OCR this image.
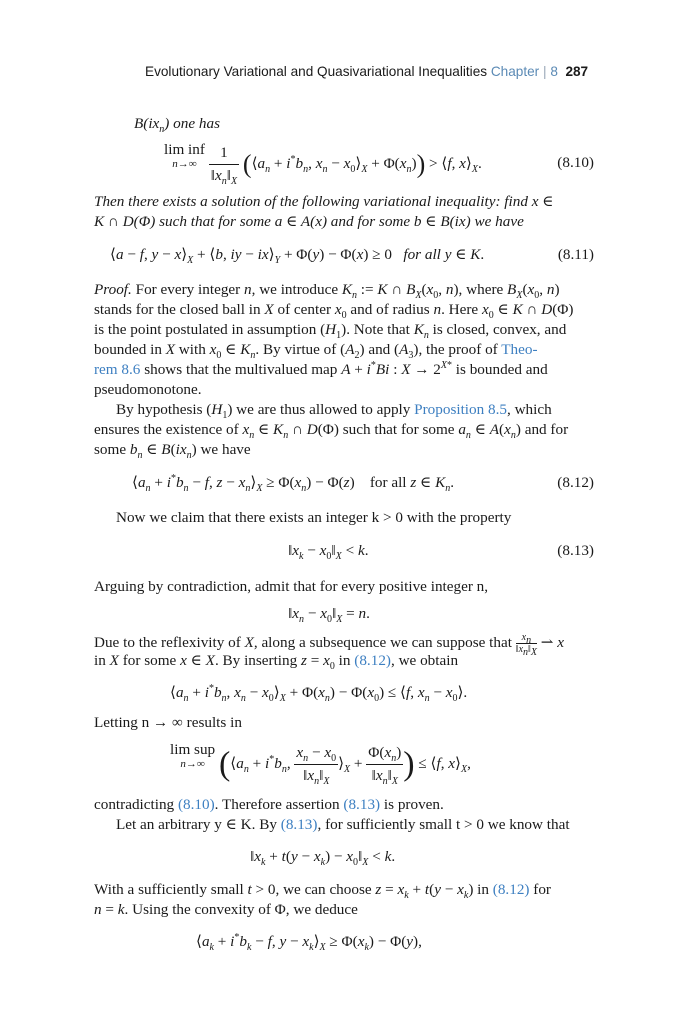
Evolutionary Variational and Quasivariational Inequalities Chapter | 8 287
$B(ix_n)$ one has
lim inf
n→∞
$\frac{1}{‖x_n‖_X}$ ($⟨a_n + i^*b_n$, $x_n$ − $x_0⟩_X + \Phi(x_n)$) > ⟨f, $x⟩_X$.	(8.10)
Then there exists a solution of the following variational inequality: find x ∈
K ∩ D(Φ) such that for some a ∈ A(x) and for some b ∈ B(ix) we have
⟨a − f, $y - x⟩_X$ + ⟨b, iy − $ix⟩_Y + \Phi(y) - \Phi(x) \ge 0$   for all y ∈ K.	(8.11)
Proof. For every integer n, we introduce $K_n$ := K ∩ $B_X(x_0$, n), where $B_X(x_0$, n)
stands for the closed ball in X of center $x_0$ and of radius n. Here $x_0$ ∈ K ∩ D(Φ)
is the point postulated in assumption $(H_1)$. Note that $K_n$ is closed, convex, and
bounded in X with $x_0$ ∈ $K_n$. By virtue of $(A_2)$ and $(A_3)$, the proof of Theo-
rem 8.6 shows that the multivalued map A + i*Bi : $X \to 2^{X*}$ is bounded and
pseudomonotone.
By hypothesis $(H_1)$ we are thus allowed to apply Proposition 8.5, which
ensures the existence of $x_n$ ∈ $K_n$ ∩ D(Φ) such that for some $a_n$ ∈ $A(x_n)$ and for
some $b_n$ ∈ $B(ix_n)$ we have
$⟨a_n + i^*b_n - f$, $z - x_n⟩_X \ge \Phi(x_n) - \Phi(z)$    for all z ∈ $K_n$.	(8.12)
Now we claim that there exists an integer k > 0 with the property
$‖x_k$ − $x_0‖_X < k$.	(8.13)
Arguing by contradiction, admit that for every positive integer n,
$‖x_n$ − $x_0‖_X = n$.
Due to the reflexivity of X, along a subsequence we can suppose that $\frac{x_n}{‖x_n‖_X}$ ⇀ x
in X for some x ∈ X. By inserting $z = x_0$ in (8.12), we obtain
$⟨a_n + i^*b_n$, $x_n$ − $x_0⟩_X + \Phi(x_n) - \Phi(x_0)$ ≤ ⟨f, $x_n$ − $x_0⟩$.
Letting n → ∞ results in
lim sup
n→∞ ($⟨a_n + i^*b_n$, $\frac{x_n - x_0}{‖x_n‖_X}$ $⟩_X + \frac{\Phi(x_n)}{‖x_n‖_X}$ ) ≤ ⟨f, $x⟩_X$,
contradicting (8.10). Therefore assertion (8.13) is proven.
Let an arbitrary y ∈ K. By (8.13), for sufficiently small t > 0 we know that
$‖x_k + t(y - x_k)$ − $x_0‖_X < k$.
With a sufficiently small t > 0, we can choose $z = x_k + t(y - x_k)$ in (8.12) for
n = k. Using the convexity of Φ, we deduce
$⟨a_k + i^*b_k - f$, $y - x_k⟩_X \ge \Phi(x_k) - \Phi(y)$,
